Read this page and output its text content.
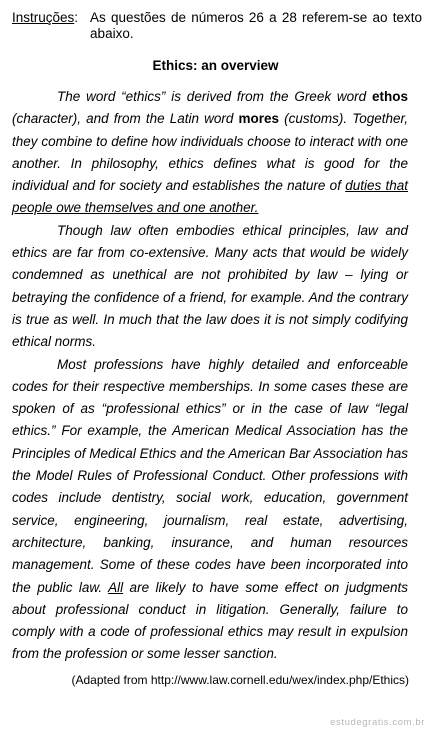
Instruções : As questões de números 26 a 28 referem-se ao texto abaixo.
Ethics: an overview

The word “ethics” is derived from the Greek word ethos (character), and from the Latin word mores (customs). Together, they combine to define how individuals choose to interact with one another. In philosophy, ethics defines what is good for the individual and for society and establishes the nature of duties that people owe themselves and one another.

Though law often embodies ethical principles, law and ethics are far from co-extensive. Many acts that would be widely condemned as unethical are not prohibited by law – lying or betraying the confidence of a friend, for example. And the contrary is true as well. In much that the law does it is not simply codifying ethical norms.

Most professions have highly detailed and enforceable codes for their respective memberships. In some cases these are spoken of as “professional ethics” or in the case of law “legal ethics.” For example, the American Medical Association has the Principles of Medical Ethics and the American Bar Association has the Model Rules of Professional Conduct. Other professions with codes include dentistry, social work, education, government service, engineering, journalism, real estate, advertising, architecture, banking, insurance, and human resources management. Some of these codes have been incorporated into the public law. All are likely to have some effect on judgments about professional conduct in litigation. Generally, failure to comply with a code of professional ethics may result in expulsion from the profession or some lesser sanction.

(Adapted from http://www.law.cornell.edu/wex/index.php/Ethics)
estudegratis.com.br
